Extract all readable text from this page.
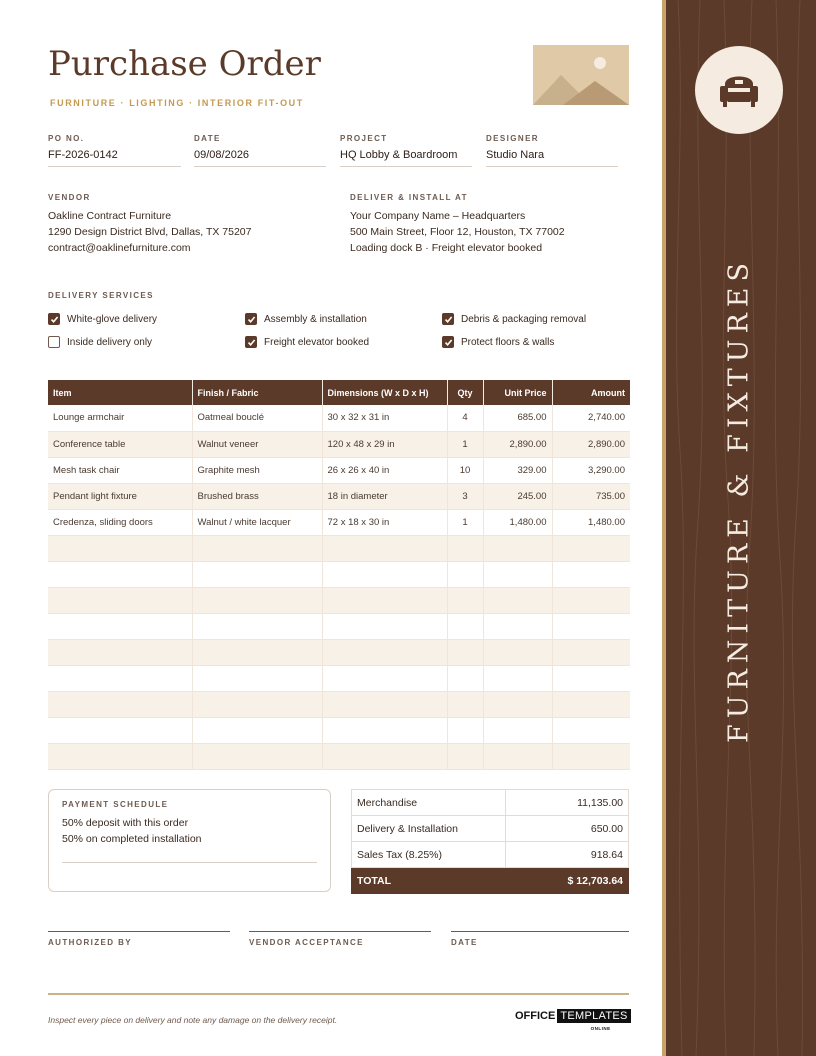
Purchase Order
FURNITURE · LIGHTING · INTERIOR FIT-OUT
PO NO.
FF-2026-0142
DATE
09/08/2026
PROJECT
HQ Lobby & Boardroom
DESIGNER
Studio Nara
VENDOR
Oakline Contract Furniture
1290 Design District Blvd, Dallas, TX 75207
contract@oaklinefurniture.com
DELIVER & INSTALL AT
Your Company Name – Headquarters
500 Main Street, Floor 12, Houston, TX 77002
Loading dock B · Freight elevator booked
DELIVERY SERVICES
White-glove delivery	Assembly & installation	Debris & packaging removal
Inside delivery only	Freight elevator booked	Protect floors & walls
Item	Finish / Fabric	Dimensions (W x D x H)	Qty	Unit Price	Amount
Lounge armchair	Oatmeal bouclé	30 x 32 x 31 in	4	685.00	2,740.00
Conference table	Walnut veneer	120 x 48 x 29 in	1	2,890.00	2,890.00
Mesh task chair	Graphite mesh	26 x 26 x 40 in	10	329.00	3,290.00
Pendant light fixture	Brushed brass	18 in diameter	3	245.00	735.00
Credenza, sliding doors	Walnut / white lacquer	72 x 18 x 30 in	1	1,480.00	1,480.00

PAYMENT SCHEDULE
50% deposit with this order
50% on completed installation
Merchandise	11,135.00
Delivery & Installation	650.00
Sales Tax (8.25%)	918.64
TOTAL	$ 12,703.64
AUTHORIZED BY	VENDOR ACCEPTANCE	DATE
Inspect every piece on delivery and note any damage on the delivery receipt.	OFFICE TEMPLATES
ONLINE
FURNITURE & FIXTURES
